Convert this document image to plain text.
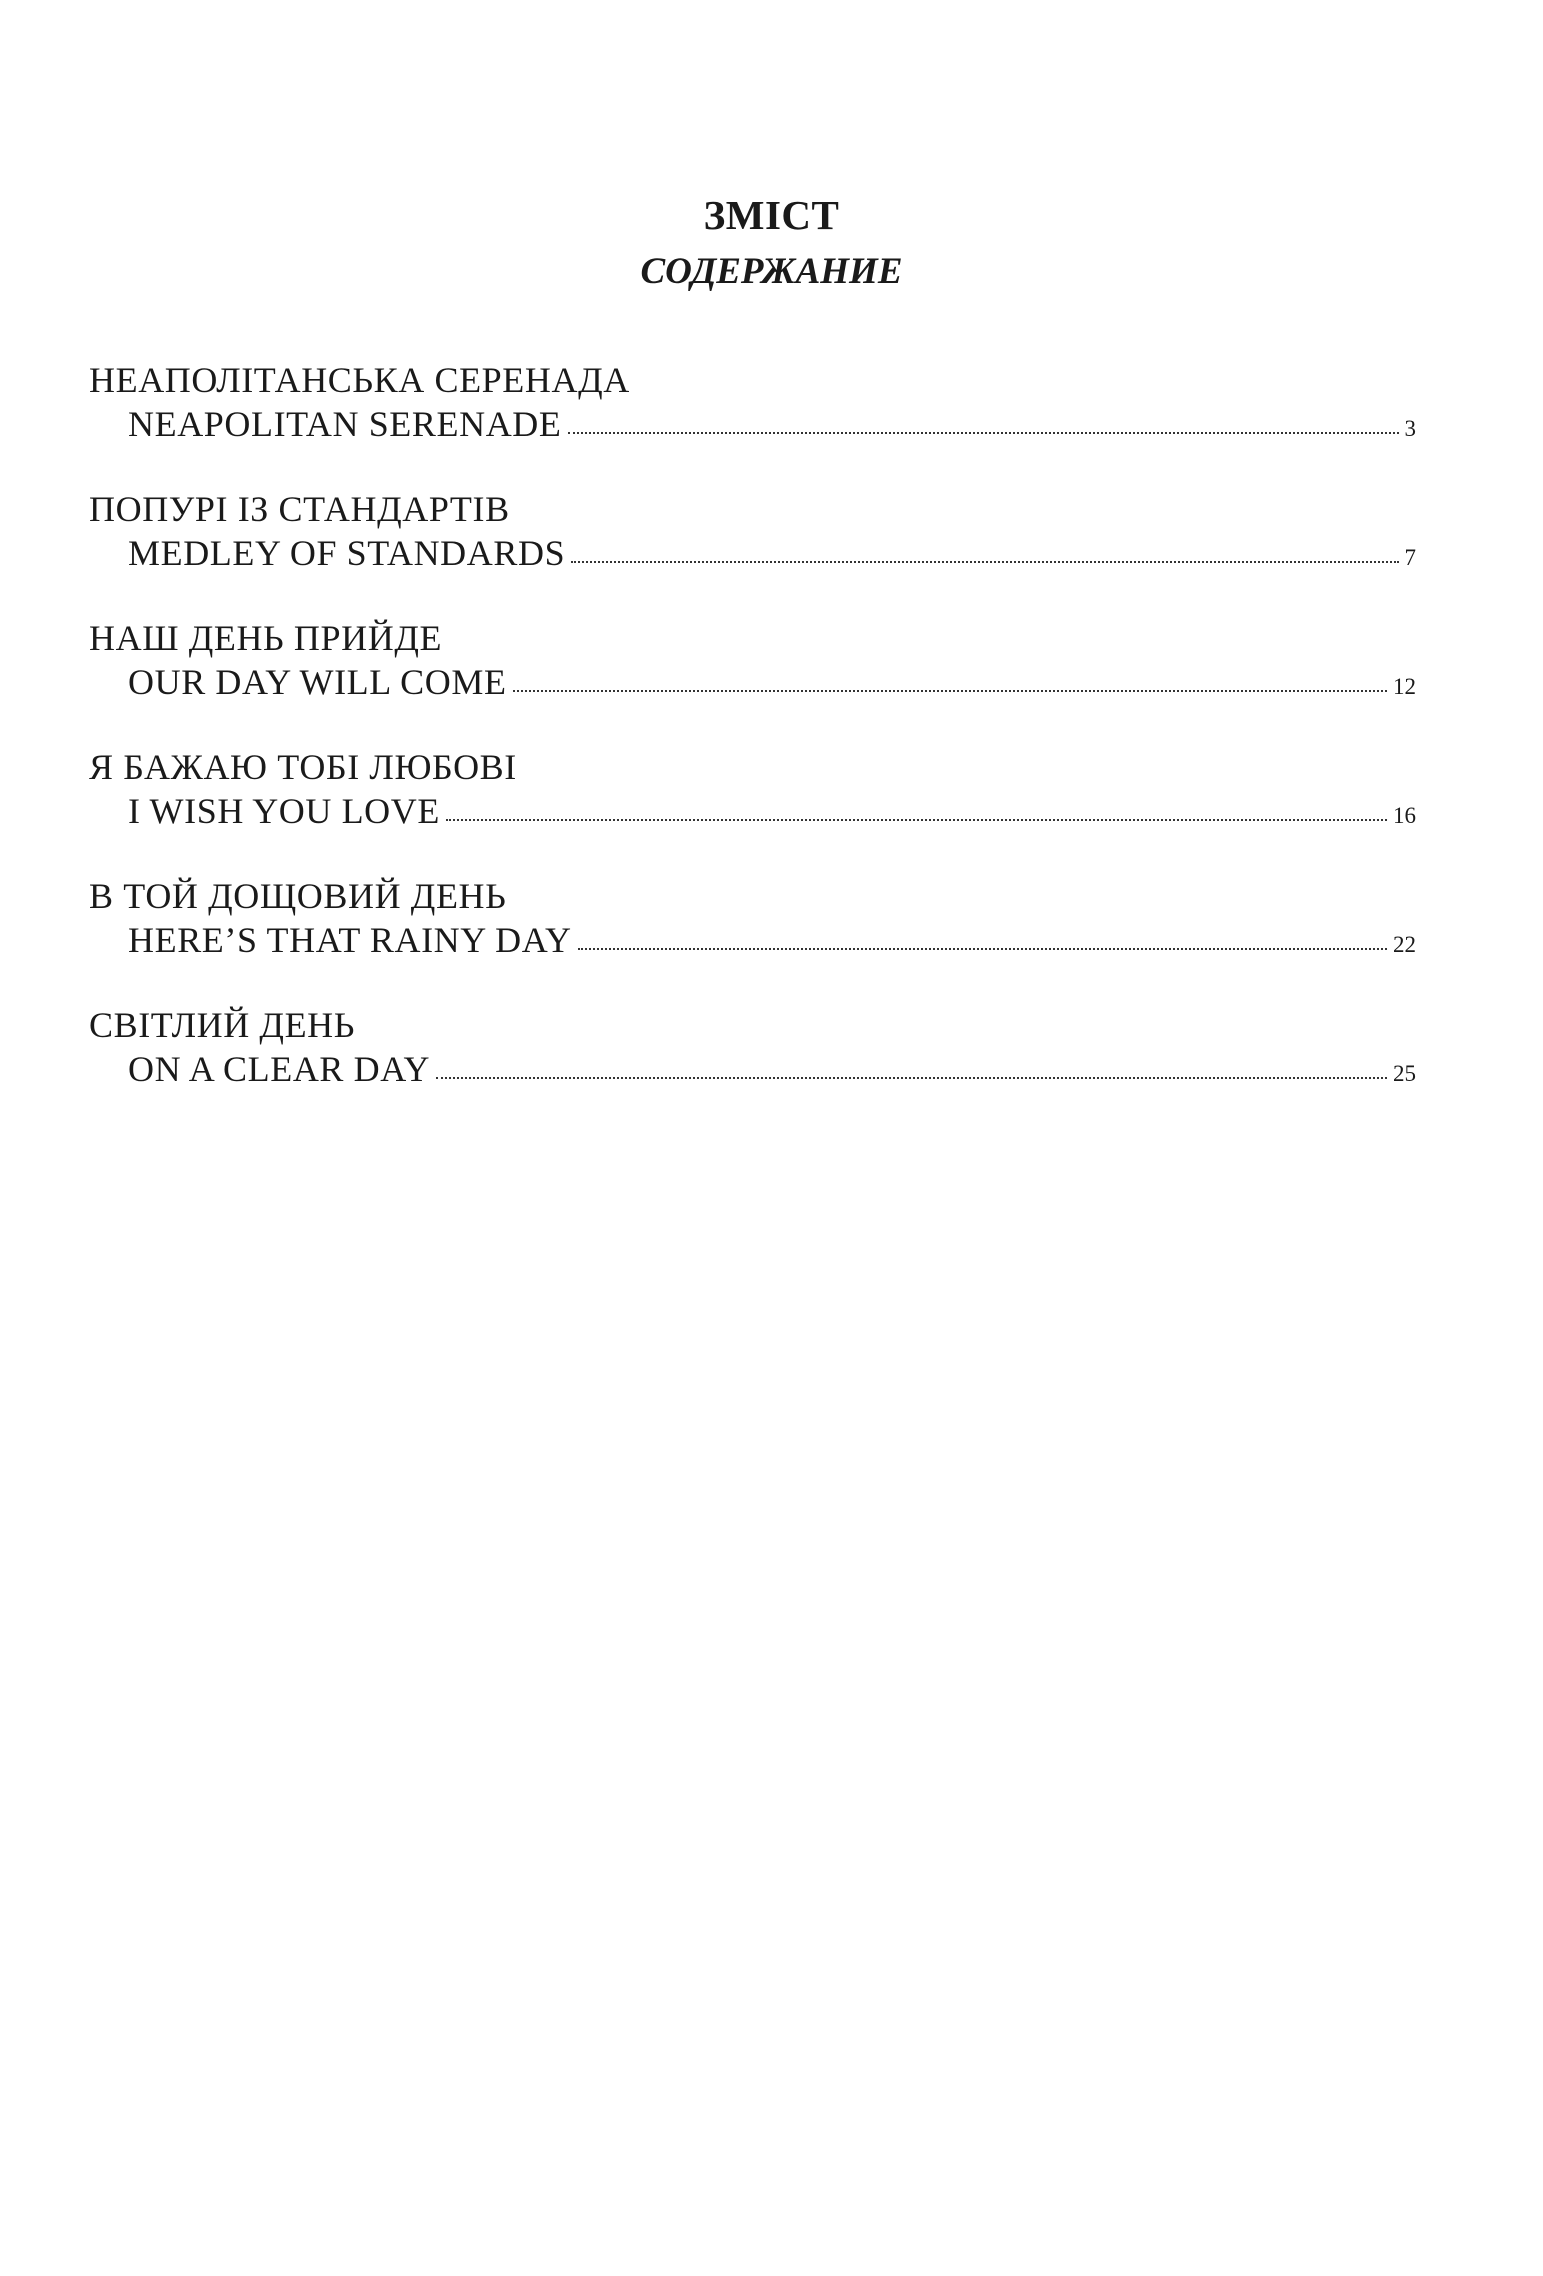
ЗМІСТ
СОДЕРЖАНИЕ
НЕАПОЛІТАНСЬКА СЕРЕНАДА
NEAPOLITAN SERENADE	3
ПОПУРІ ІЗ СТАНДАРТІВ
MEDLEY OF STANDARDS	7
НАШ ДЕНЬ ПРИЙДЕ
OUR DAY WILL COME	12
Я БАЖАЮ ТОБІ ЛЮБОВІ
I WISH YOU LOVE	16
В ТОЙ ДОЩОВИЙ ДЕНЬ
HERE’S THAT RAINY DAY	22
СВІТЛИЙ ДЕНЬ
ON A CLEAR DAY	25
